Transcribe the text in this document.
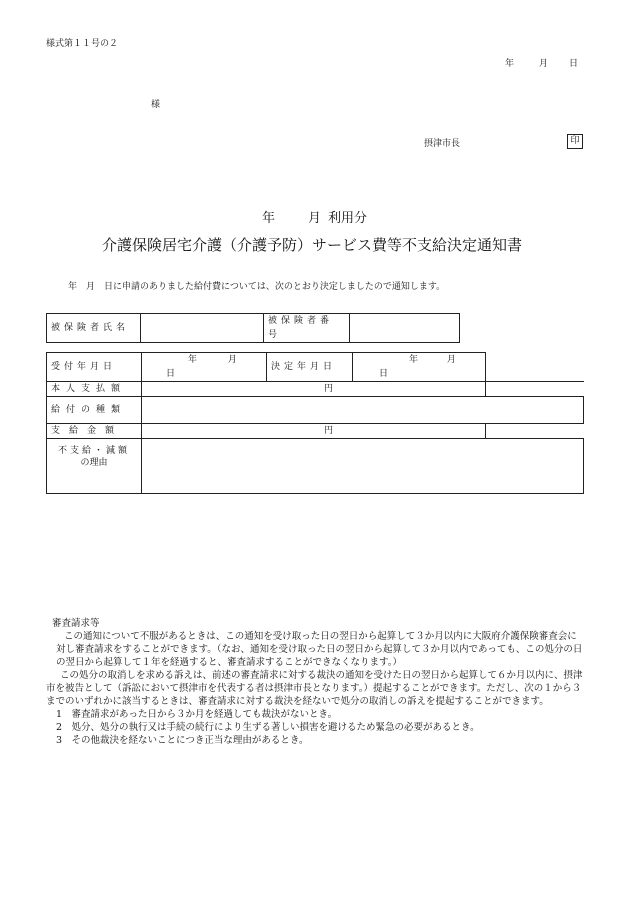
様式第１１号の２
年	月 日
様
摂津市長	印
年	月 利用分
介護保険居宅介護（介護予防）サービス費等不支給決定通知書
年　月　日に申請のありました給付費については、次のとおり決定しましたので通知します。
被保険者氏名		被保険者番号	
受付年月日	年 月 日	決定年月日	年 月 日	
本人支払額	円			
給付の種類				
支給金額	円			

不支給・減額
の理由				

審査請求等

この通知について不服があるときは、この通知を受け取った日の翌日から起算して３か月以内に大阪府介護保険審査会に対し審査請求をすることができます。（なお、通知を受け取った日の翌日から起算して３か月以内であっても、この処分の日の翌日から起算して１年を経過すると、審査請求することができなくなります。）

この処分の取消しを求める訴えは、前述の審査請求に対する裁決の通知を受けた日の翌日から起算して６か月以内に、摂津市を被告として（訴訟において摂津市を代表する者は摂津市長となります。）提起することができます。ただし、次の１から３までのいずれかに該当するときは、審査請求に対する裁決を経ないで処分の取消しの訴えを提起することができます。

1　審査請求があった日から３か月を経過しても裁決がないとき。

2　処分、処分の執行又は手続の続行により生ずる著しい損害を避けるため緊急の必要があるとき。

3　その他裁決を経ないことにつき正当な理由があるとき。
